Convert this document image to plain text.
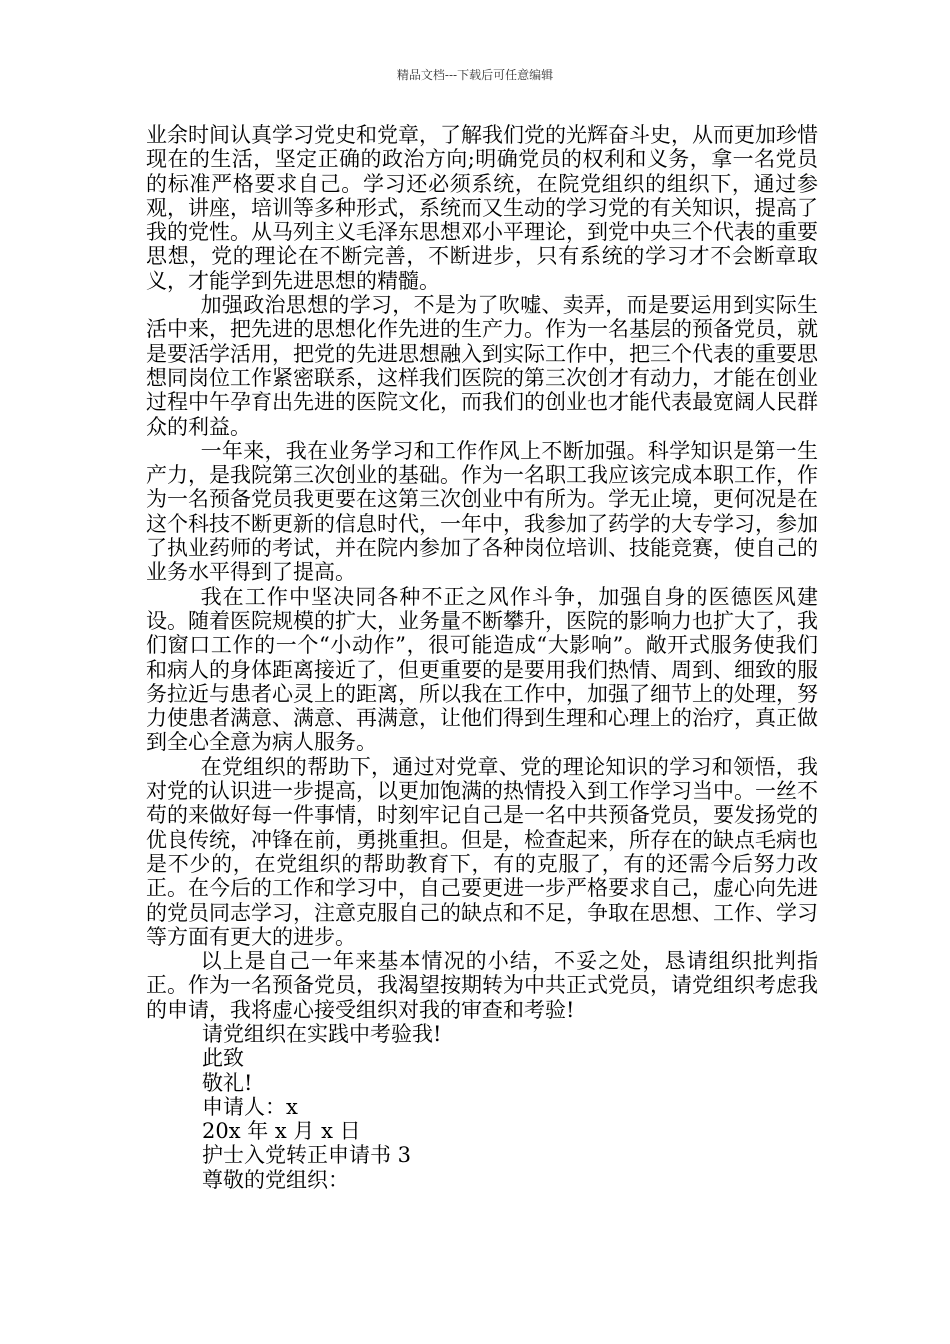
精品文档---下载后可任意编辑

业余时间认真学习党史和党章，了解我们党的光辉奋斗史，从而更加珍惜现在的生活，坚定正确的政治方向;明确党员的权利和义务，拿一名党员的标准严格要求自己。学习还必须系统，在院党组织的组织下，通过参观，讲座，培训等多种形式，系统而又生动的学习党的有关知识，提高了我的党性。从马列主义毛泽东思想邓小平理论，到党中央三个代表的重要思想，党的理论在不断完善，不断进步，只有系统的学习才不会断章取义，才能学到先进思想的精髓。

加强政治思想的学习，不是为了吹嘘、卖弄，而是要运用到实际生活中来，把先进的思想化作先进的生产力。作为一名基层的预备党员，就是要活学活用，把党的先进思想融入到实际工作中，把三个代表的重要思想同岗位工作紧密联系，这样我们医院的第三次创才有动力，才能在创业过程中午孕育出先进的医院文化，而我们的创业也才能代表最宽阔人民群众的利益。

一年来，我在业务学习和工作作风上不断加强。科学知识是第一生产力，是我院第三次创业的基础。作为一名职工我应该完成本职工作，作为一名预备党员我更要在这第三次创业中有所为。学无止境，更何况是在这个科技不断更新的信息时代，一年中，我参加了药学的大专学习，参加了执业药师的考试，并在院内参加了各种岗位培训、技能竞赛，使自己的业务水平得到了提高。

我在工作中坚决同各种不正之风作斗争，加强自身的医德医风建设。随着医院规模的扩大，业务量不断攀升，医院的影响力也扩大了，我们窗口工作的一个“小动作”，很可能造成“大影响”。敞开式服务使我们和病人的身体距离接近了，但更重要的是要用我们热情、周到、细致的服务拉近与患者心灵上的距离，所以我在工作中，加强了细节上的处理，努力使患者满意、满意、再满意，让他们得到生理和心理上的治疗，真正做到全心全意为病人服务。

在党组织的帮助下，通过对党章、党的理论知识的学习和领悟，我对党的认识进一步提高，以更加饱满的热情投入到工作学习当中。一丝不苟的来做好每一件事情，时刻牢记自己是一名中共预备党员，要发扬党的优良传统，冲锋在前，勇挑重担。但是，检查起来，所存在的缺点毛病也是不少的，在党组织的帮助教育下，有的克服了，有的还需今后努力改正。在今后的工作和学习中，自己要更进一步严格要求自己，虚心向先进的党员同志学习，注意克服自己的缺点和不足，争取在思想、工作、学习等方面有更大的进步。

以上是自己一年来基本情况的小结，不妥之处，恳请组织批判指正。作为一名预备党员，我渴望按期转为中共正式党员，请党组织考虑我的申请，我将虚心接受组织对我的审查和考验!

请党组织在实践中考验我!

此致

敬礼!

申请人：x

20x 年 x 月 x 日

护士入党转正申请书 3

尊敬的党组织：
